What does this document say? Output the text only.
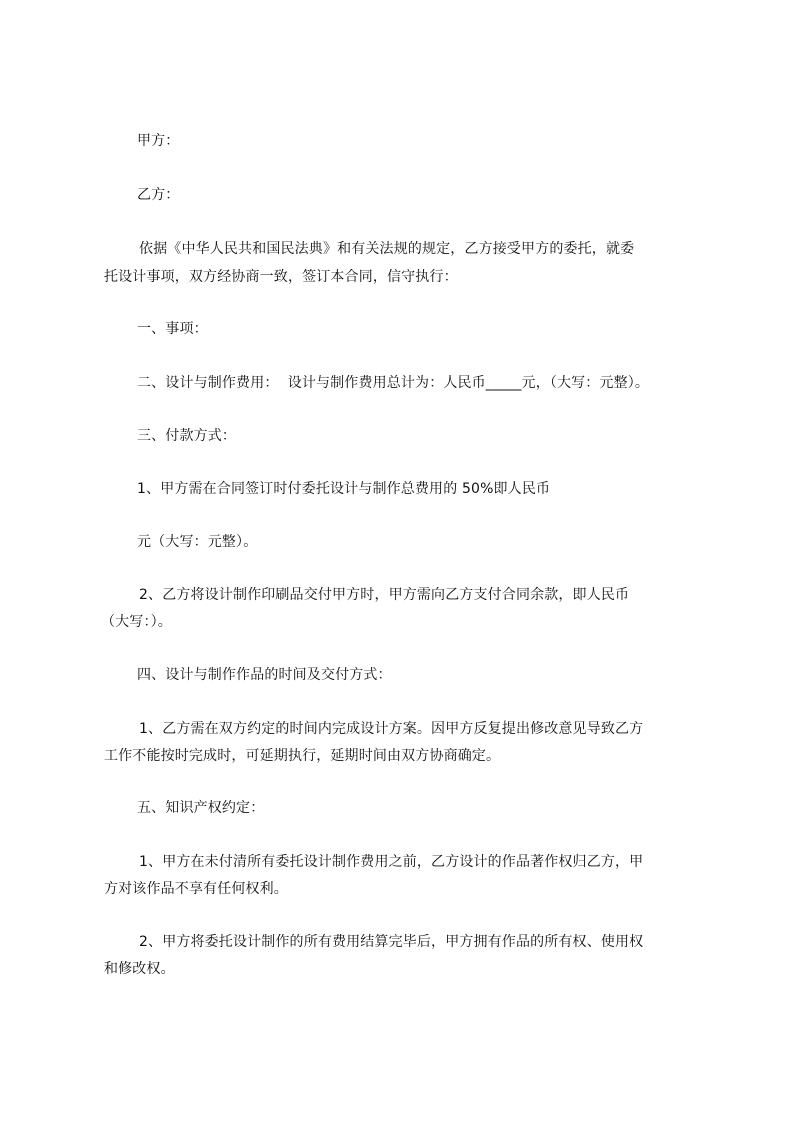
甲方：
乙方：
依据《中华人民共和国民法典》和有关法规的规定，乙方接受甲方的委托，就委
托设计事项，双方经协商一致，签订本合同，信守执行：
一、事项：
二、设计与制作费用：  设计与制作费用总计为：人民币_____元，（大写：元整）。
三、付款方式：
1、甲方需在合同签订时付委托设计与制作总费用的 50%即人民币
元（大写：元整）。
2、乙方将设计制作印刷品交付甲方时，甲方需向乙方支付合同余款，即人民币
（大写：）。
四、设计与制作作品的时间及交付方式：
1、乙方需在双方约定的时间内完成设计方案。因甲方反复提出修改意见导致乙方
工作不能按时完成时，可延期执行，延期时间由双方协商确定。
五、知识产权约定：
1、甲方在未付清所有委托设计制作费用之前，乙方设计的作品著作权归乙方，甲
方对该作品不享有任何权利。
2、甲方将委托设计制作的所有费用结算完毕后，甲方拥有作品的所有权、使用权
和修改权。
